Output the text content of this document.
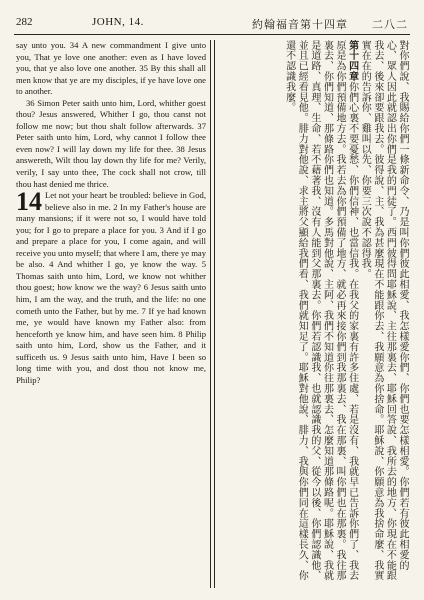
282	JOHN, 14.	約翰福音第十四章 二八二

say unto you. 34 A new commandment I give unto you, That ye love one another: even as I have loved you, that ye also love one another. 35 By this shall all men know that ye are my disciples, if ye have love one to another.

36 Simon Peter saith unto him, Lord, whither goest thou? Jesus answered, Whither I go, thou canst not follow me now; but thou shalt follow afterwards. 37 Peter saith unto him, Lord, why cannot I follow thee even now? I will lay down my life for thee. 38 Jesus answereth, Wilt thou lay down thy life for me? Verily, verily, I say unto thee, The cock shall not crow, till thou hast denied me thrice.

14 Let not your heart be troubled: believe in God, believe also in me. 2 In my Father's house are many mansions; if it were not so, I would have told you; for I go to prepare a place for you. 3 And if I go and prepare a place for you, I come again, and will receive you unto myself; that where I am, there ye may be also. 4 And whither I go, ye know the way. 5 Thomas saith unto him, Lord, we know not whither thou goest; how know we the way? 6 Jesus saith unto him, I am the way, and the truth, and the life: no one cometh unto the Father, but by me. 7 If ye had known me, ye would have known my Father also: from henceforth ye know him, and have seen him. 8 Philip saith unto him, Lord, show us the Father, and it sufficeth us. 9 Jesus saith unto him, Have I been so long time with you, and dost thou not know me, Philip?	對你們說、我賜給你們一條新命令、乃是叫你們彼此相愛、我怎樣愛你們、你們也要怎樣相愛。你們若有彼此相愛的心、眾人因此就認出你們是我的門徒了。西門彼得問耶穌說、主往那裏去、耶穌回答說、我所去的地方、你現在不能跟我去、後來卻要跟我去。彼得說、主、我為甚麼現在不能跟你去、我願意為你捨命。耶穌說、你願意為我捨命麼、我實實在在的告訴你、雞叫以先、你要三次說不認得我。

第十四章你們心裏不要憂愁、你們信神、也當信我。在我父的家裏有許多住處、若是沒有、我就早已告訴你們了、我去原是為你們預備地方去。我若去為你們預備了地方、就必再來接你們到我那裏去、我在那裏、叫你們也在那裏。我往那裏去、你們知道、那條路你們也知道。多馬對他說、主阿、我們不知道你往那裏去、怎麼知道那條路呢。耶穌說、我就是道路、真理、生命、若不藉著我、沒有人能到父那裏去。你們若認識我、也就認識我的父、從今以後、你們認識他、並且已經看見他。腓力對他說、求主將父顯給我們看、我們就知足了。耶穌對他說、腓力、我與你們同在這樣長久、你還不認識我麼。
